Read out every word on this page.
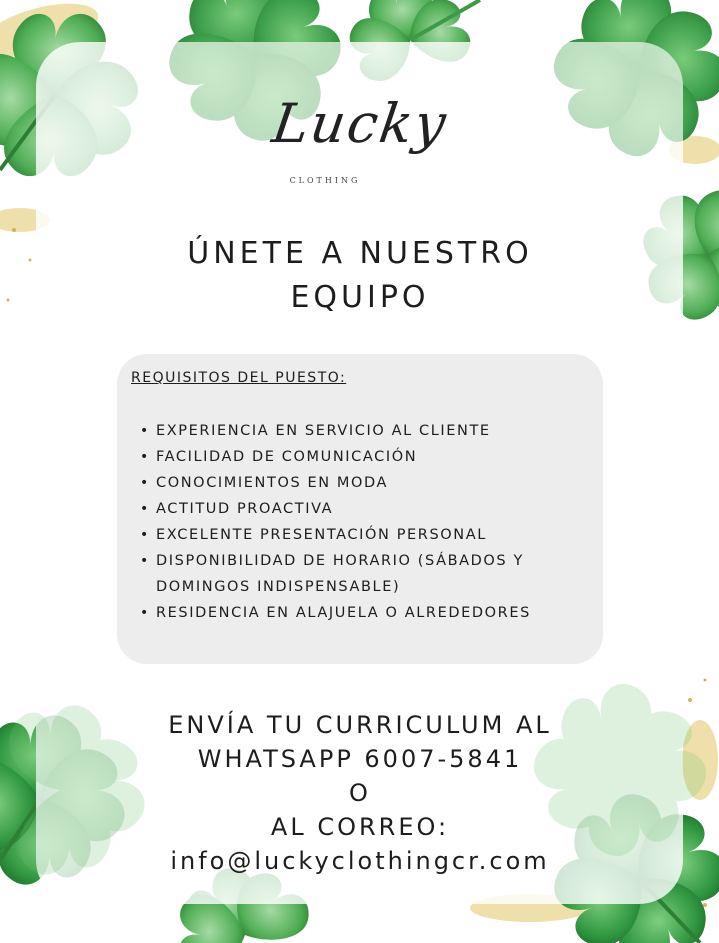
Lucky
CLOTHING
ÚNETE A NUESTRO
EQUIPO
REQUISITOS DEL PUESTO:
• EXPERIENCIA EN SERVICIO AL CLIENTE
• FACILIDAD DE COMUNICACIÓN
• CONOCIMIENTOS EN MODA
• ACTITUD PROACTIVA
• EXCELENTE PRESENTACIÓN PERSONAL
• DISPONIBILIDAD DE HORARIO (SÁBADOS Y DOMINGOS INDISPENSABLE)
• RESIDENCIA EN ALAJUELA O ALREDEDORES
ENVÍA TU CURRICULUM AL
WHATSAPP 6007-5841
O
AL CORREO:
info@luckyclothingcr.com
